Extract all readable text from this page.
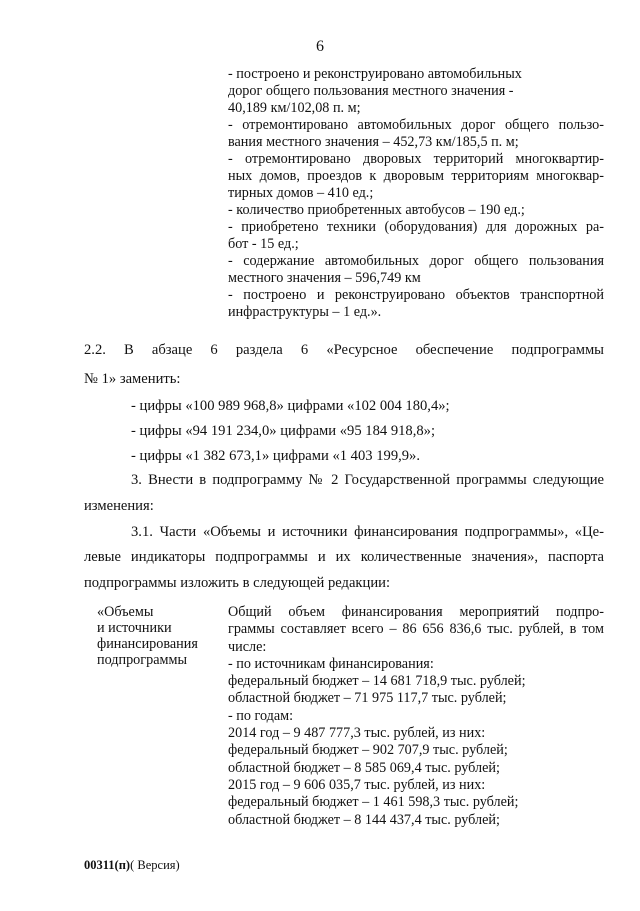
6
- построено и реконструировано автомобильных
дорог общего пользования местного значения -
40,189 км/102,08 п. м;
- отремонтировано автомобильных дорог общего пользо-
вания местного значения – 452,73 км/185,5 п. м;
- отремонтировано дворовых территорий многоквартир-
ных домов, проездов к дворовым территориям многоквар-
тирных домов – 410 ед.;
- количество приобретенных автобусов – 190 ед.;
- приобретено техники (оборудования) для дорожных ра-
бот - 15 ед.;
- содержание автомобильных дорог общего пользования
местного значения – 596,749 км
- построено и реконструировано объектов транспортной
инфраструктуры – 1 ед.».
2.2. В абзаце 6 раздела 6 «Ресурсное обеспечение подпрограммы
№ 1» заменить:
- цифры «100 989 968,8» цифрами «102 004 180,4»;
- цифры «94 191 234,0» цифрами «95 184 918,8»;
- цифры «1 382 673,1» цифрами «1 403 199,9».
3. Внести в подпрограмму № 2 Государственной программы следующие
изменения:
3.1. Части «Объемы и источники финансирования подпрограммы», «Це-
левые индикаторы подпрограммы и их количественные значения», паспорта
подпрограммы изложить в следующей редакции:
«Объемы
и источники
финансирования
подпрограммы
Общий объем финансирования мероприятий подпро-
граммы составляет всего – 86 656 836,6 тыс. рублей, в том
числе:
- по источникам финансирования:
федеральный бюджет – 14 681 718,9 тыс. рублей;
областной бюджет – 71 975 117,7 тыс. рублей;
- по годам:
2014 год – 9 487 777,3 тыс. рублей, из них:
федеральный бюджет – 902 707,9 тыс. рублей;
областной бюджет – 8 585 069,4 тыс. рублей;
2015 год – 9 606 035,7 тыс. рублей, из них:
федеральный бюджет – 1 461 598,3 тыс. рублей;
областной бюджет – 8 144 437,4 тыс. рублей;
00311(п)( Версия)
